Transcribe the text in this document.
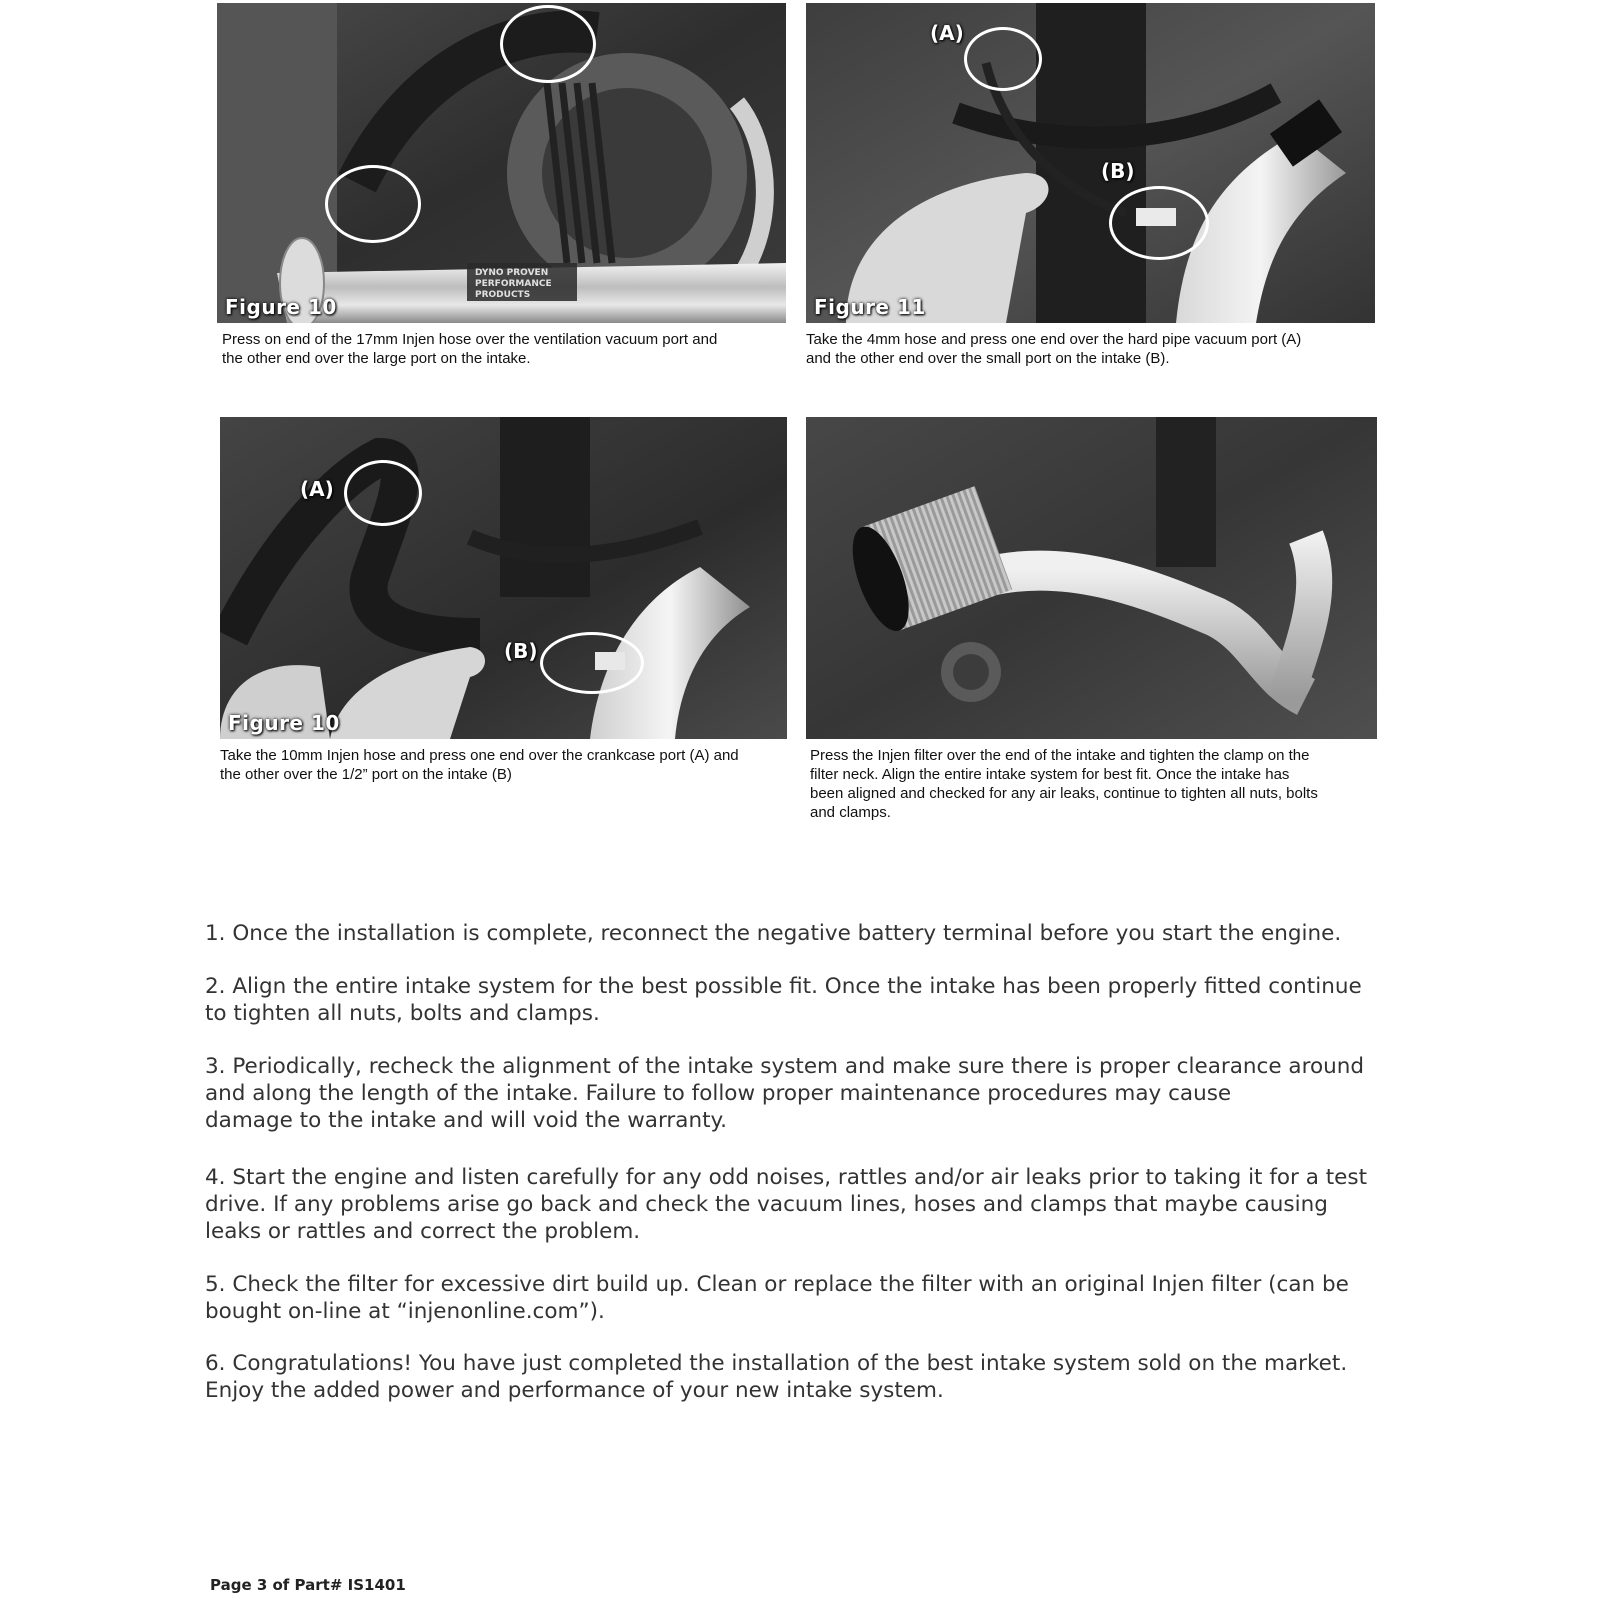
DYNO PROVEN
PERFORMANCE
PRODUCTS
Figure 10

Press on end of the 17mm Injen hose over the ventilation vacuum port and
the other end over the large port on the intake.

(A)
(B)
Figure 11

Take the 4mm hose and press one end over the hard pipe vacuum port (A)
and the other end over the small port on the intake (B).

(A)
(B)
Figure 10

Take the 10mm Injen hose and press one end over the crankcase port (A) and
the other over the 1/2” port on the intake (B)

Press the Injen filter over the end of the intake and tighten the clamp on the
filter neck. Align the entire intake system for best fit. Once the intake has
been aligned and checked for any air leaks, continue to tighten all nuts, bolts
and clamps.

1. Once the installation is complete, reconnect the negative battery terminal before you start the engine.
2. Align the entire intake system for the best possible fit. Once the intake has been properly fitted continue
to tighten all nuts, bolts and clamps.
3. Periodically, recheck the alignment of the intake system and make sure there is proper clearance around
and along the length of the intake. Failure to follow proper maintenance procedures may cause
damage to the intake and will void the warranty.
4. Start the engine and listen carefully for any odd noises, rattles and/or air leaks prior to taking it for a test
drive. If any problems arise go back and check the vacuum lines, hoses and clamps that maybe causing
leaks or rattles and correct the problem.
5. Check the filter for excessive dirt build up. Clean or replace the filter with an original Injen filter (can be
bought on-line at “injenonline.com”).
6. Congratulations! You have just completed the installation of the best intake system sold on the market.
Enjoy the added power and performance of your new intake system.
Page 3 of Part# IS1401
